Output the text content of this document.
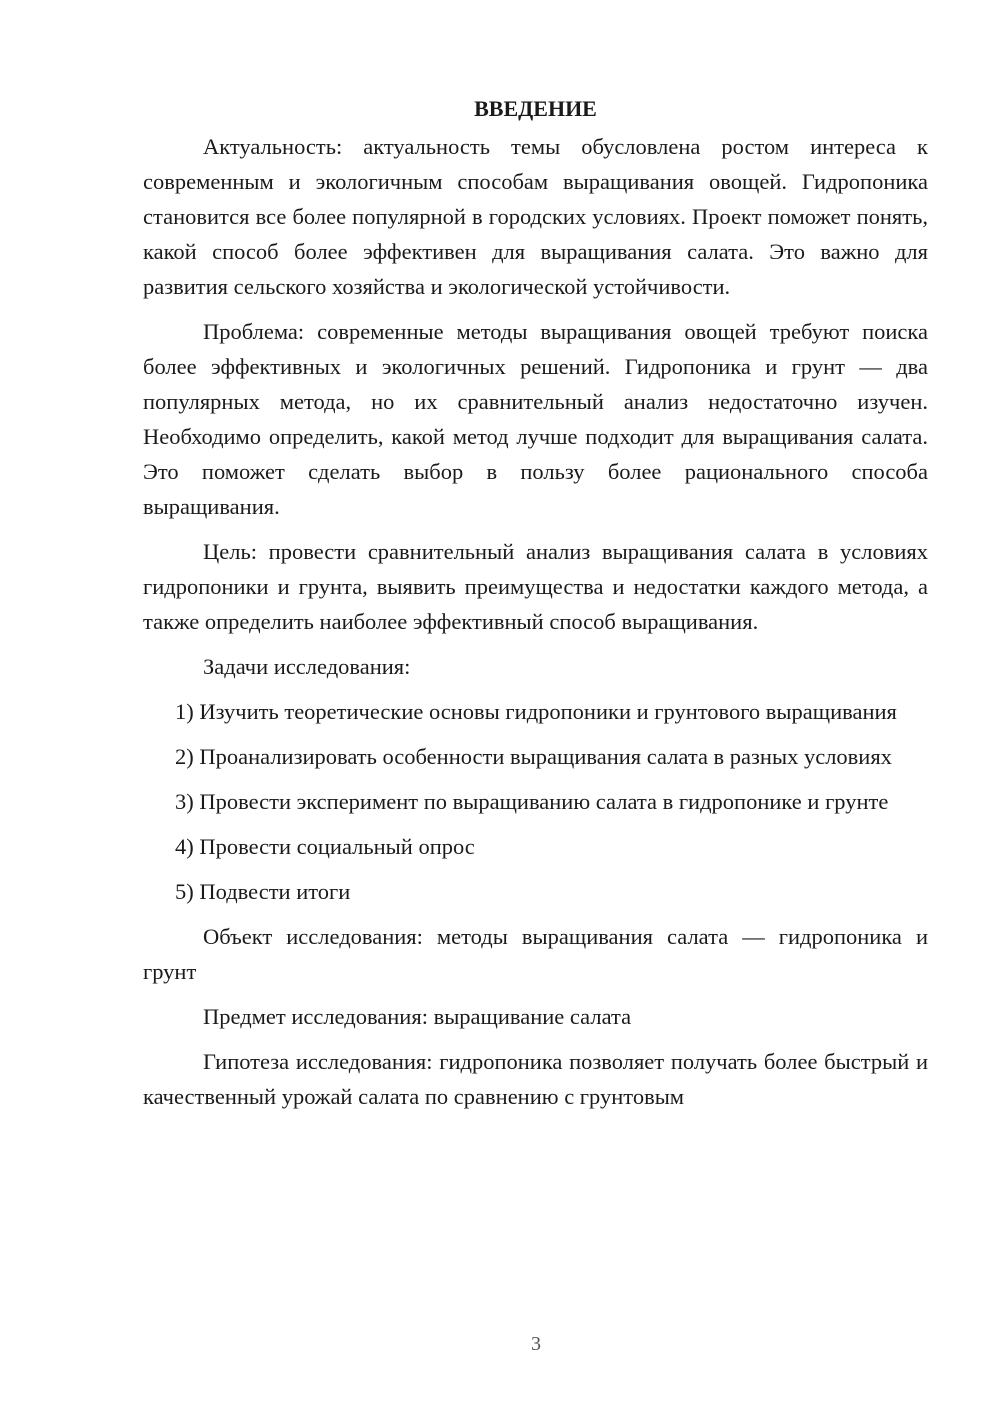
ВВЕДЕНИЕ

Актуальность: актуальность темы обусловлена ростом интереса к современным и экологичным способам выращивания овощей. Гидропоника становится все более популярной в городских условиях. Проект поможет понять, какой способ более эффективен для выращивания салата. Это важно для развития сельского хозяйства и экологической устойчивости.

Проблема: современные методы выращивания овощей требуют поиска более эффективных и экологичных решений. Гидропоника и грунт — два популярных метода, но их сравнительный анализ недостаточно изучен. Необходимо определить, какой метод лучше подходит для выращивания салата. Это поможет сделать выбор в пользу более рационального способа выращивания.

Цель: провести сравнительный анализ выращивания салата в условиях гидропоники и грунта, выявить преимущества и недостатки каждого метода, а также определить наиболее эффективный способ выращивания.

Задачи исследования:

1) Изучить теоретические основы гидропоники и грунтового выращивания

2) Проанализировать особенности выращивания салата в разных условиях

3) Провести эксперимент по выращиванию салата в гидропонике и грунте

4) Провести социальный опрос

5) Подвести итоги

Объект исследования: методы выращивания салата — гидропоника и грунт

Предмет исследования: выращивание салата

Гипотеза исследования: гидропоника позволяет получать более быстрый и качественный урожай салата по сравнению с грунтовым

3
